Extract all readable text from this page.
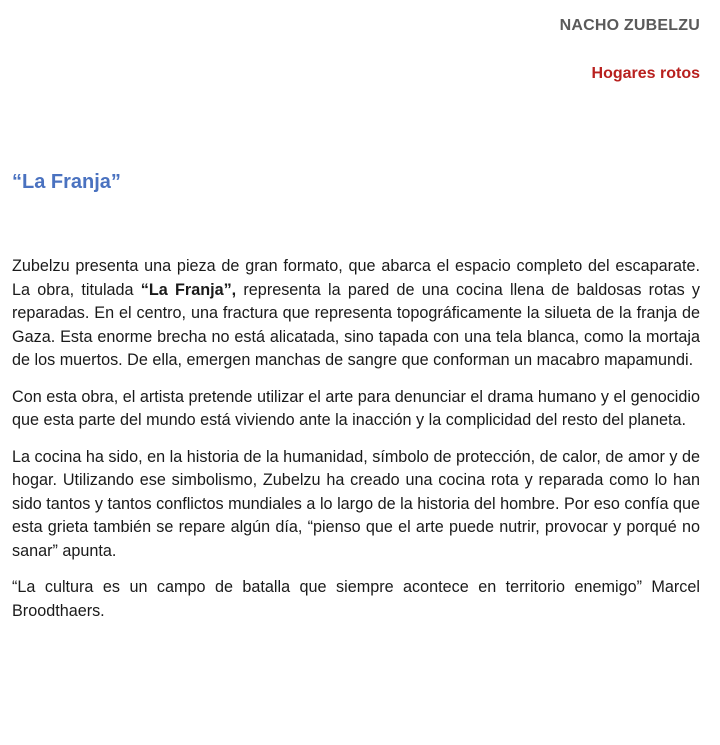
NACHO ZUBELZU
Hogares rotos
“La Franja”

Zubelzu presenta una pieza de gran formato, que abarca el espacio completo del escaparate. La obra, titulada “La Franja”, representa la pared de una cocina llena de baldosas rotas y reparadas. En el centro, una fractura que representa topográficamente la silueta de la franja de Gaza. Esta enorme brecha no está alicatada, sino tapada con una tela blanca, como la mortaja de los muertos. De ella, emergen manchas de sangre que conforman un macabro mapamundi.

Con esta obra, el artista pretende utilizar el arte para denunciar el drama humano y el genocidio que esta parte del mundo está viviendo ante la inacción y la complicidad del resto del planeta.

La cocina ha sido, en la historia de la humanidad, símbolo de protección, de calor, de amor y de hogar. Utilizando ese simbolismo, Zubelzu ha creado una cocina rota y reparada como lo han sido tantos y tantos conflictos mundiales a lo largo de la historia del hombre. Por eso confía que esta grieta también se repare algún día, “pienso que el arte puede nutrir, provocar y porqué no sanar” apunta.

“La cultura es un campo de batalla que siempre acontece en territorio enemigo” Marcel Broodthaers.
